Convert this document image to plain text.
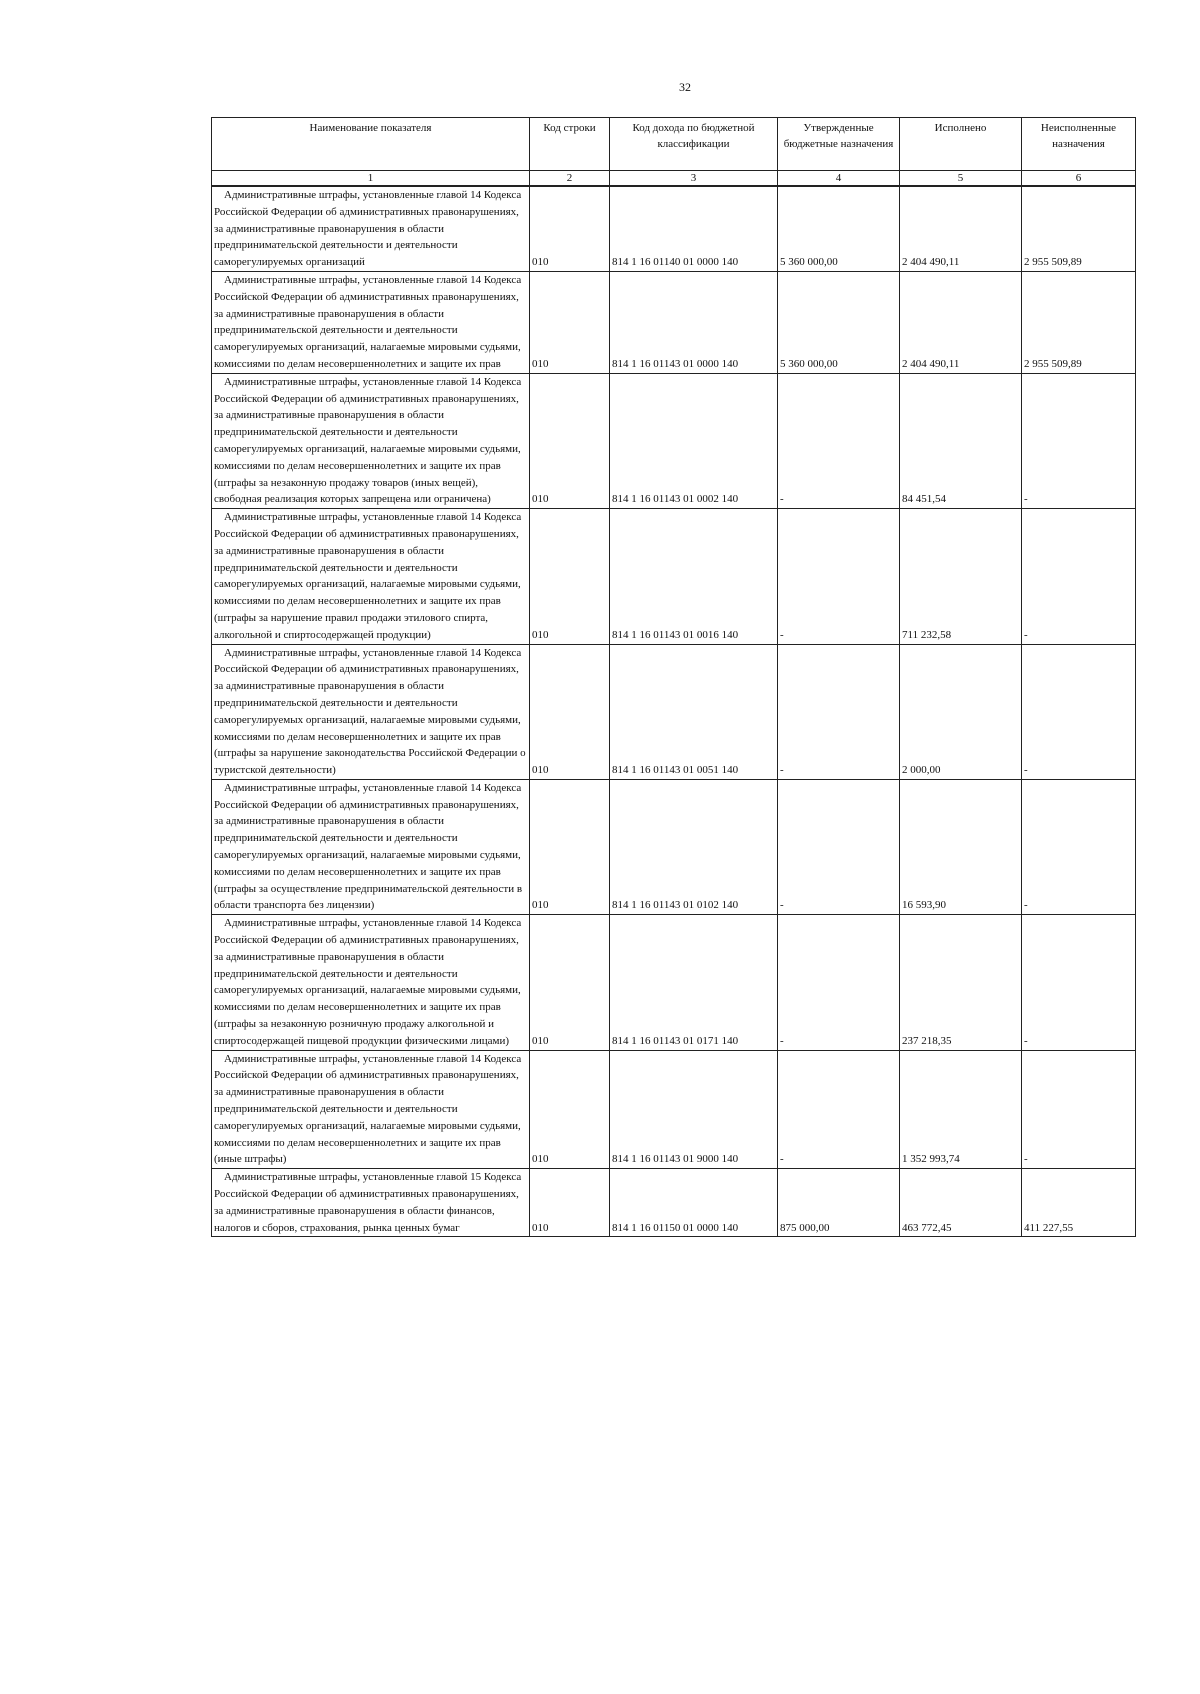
32
Наименование показателя	Код строки	Код дохода по бюджетной классификации	Утвержденные бюджетные назначения	Исполнено	Неисполненные назначения
1	2	3	4	5	6
Административные штрафы, установленные главой 14 Кодекса Российской Федерации об административных правонарушениях, за административные правонарушения в области предпринимательской деятельности и деятельности саморегулируемых организаций	010	814 1 16 01140 01 0000 140	5 360 000,00	2 404 490,11	2 955 509,89
Административные штрафы, установленные главой 14 Кодекса Российской Федерации об административных правонарушениях, за административные правонарушения в области предпринимательской деятельности и деятельности саморегулируемых организаций, налагаемые мировыми судьями, комиссиями по делам несовершеннолетних и защите их прав	010	814 1 16 01143 01 0000 140	5 360 000,00	2 404 490,11	2 955 509,89
Административные штрафы, установленные главой 14 Кодекса Российской Федерации об административных правонарушениях, за административные правонарушения в области предпринимательской деятельности и деятельности саморегулируемых организаций, налагаемые мировыми судьями, комиссиями по делам несовершеннолетних и защите их прав (штрафы за незаконную продажу товаров (иных вещей), свободная реализация которых запрещена или ограничена)	010	814 1 16 01143 01 0002 140	-	84 451,54	-
Административные штрафы, установленные главой 14 Кодекса Российской Федерации об административных правонарушениях, за административные правонарушения в области предпринимательской деятельности и деятельности саморегулируемых организаций, налагаемые мировыми судьями, комиссиями по делам несовершеннолетних и защите их прав (штрафы за нарушение правил продажи этилового спирта, алкогольной и спиртосодержащей продукции)	010	814 1 16 01143 01 0016 140	-	711 232,58	-
Административные штрафы, установленные главой 14 Кодекса Российской Федерации об административных правонарушениях, за административные правонарушения в области предпринимательской деятельности и деятельности саморегулируемых организаций, налагаемые мировыми судьями, комиссиями по делам несовершеннолетних и защите их прав (штрафы за нарушение законодательства Российской Федерации о туристской деятельности)	010	814 1 16 01143 01 0051 140	-	2 000,00	-
Административные штрафы, установленные главой 14 Кодекса Российской Федерации об административных правонарушениях, за административные правонарушения в области предпринимательской деятельности и деятельности саморегулируемых организаций, налагаемые мировыми судьями, комиссиями по делам несовершеннолетних и защите их прав (штрафы за осуществление предпринимательской деятельности в области транспорта без лицензии)	010	814 1 16 01143 01 0102 140	-	16 593,90	-
Административные штрафы, установленные главой 14 Кодекса Российской Федерации об административных правонарушениях, за административные правонарушения в области предпринимательской деятельности и деятельности саморегулируемых организаций, налагаемые мировыми судьями, комиссиями по делам несовершеннолетних и защите их прав (штрафы за незаконную розничную продажу алкогольной и спиртосодержащей пищевой продукции физическими лицами)	010	814 1 16 01143 01 0171 140	-	237 218,35	-
Административные штрафы, установленные главой 14 Кодекса Российской Федерации об административных правонарушениях, за административные правонарушения в области предпринимательской деятельности и деятельности саморегулируемых организаций, налагаемые мировыми судьями, комиссиями по делам несовершеннолетних и защите их прав (иные штрафы)	010	814 1 16 01143 01 9000 140	-	1 352 993,74	-
Административные штрафы, установленные главой 15 Кодекса Российской Федерации об административных правонарушениях, за административные правонарушения в области финансов, налогов и сборов, страхования, рынка ценных бумаг	010	814 1 16 01150 01 0000 140	875 000,00	463 772,45	411 227,55
